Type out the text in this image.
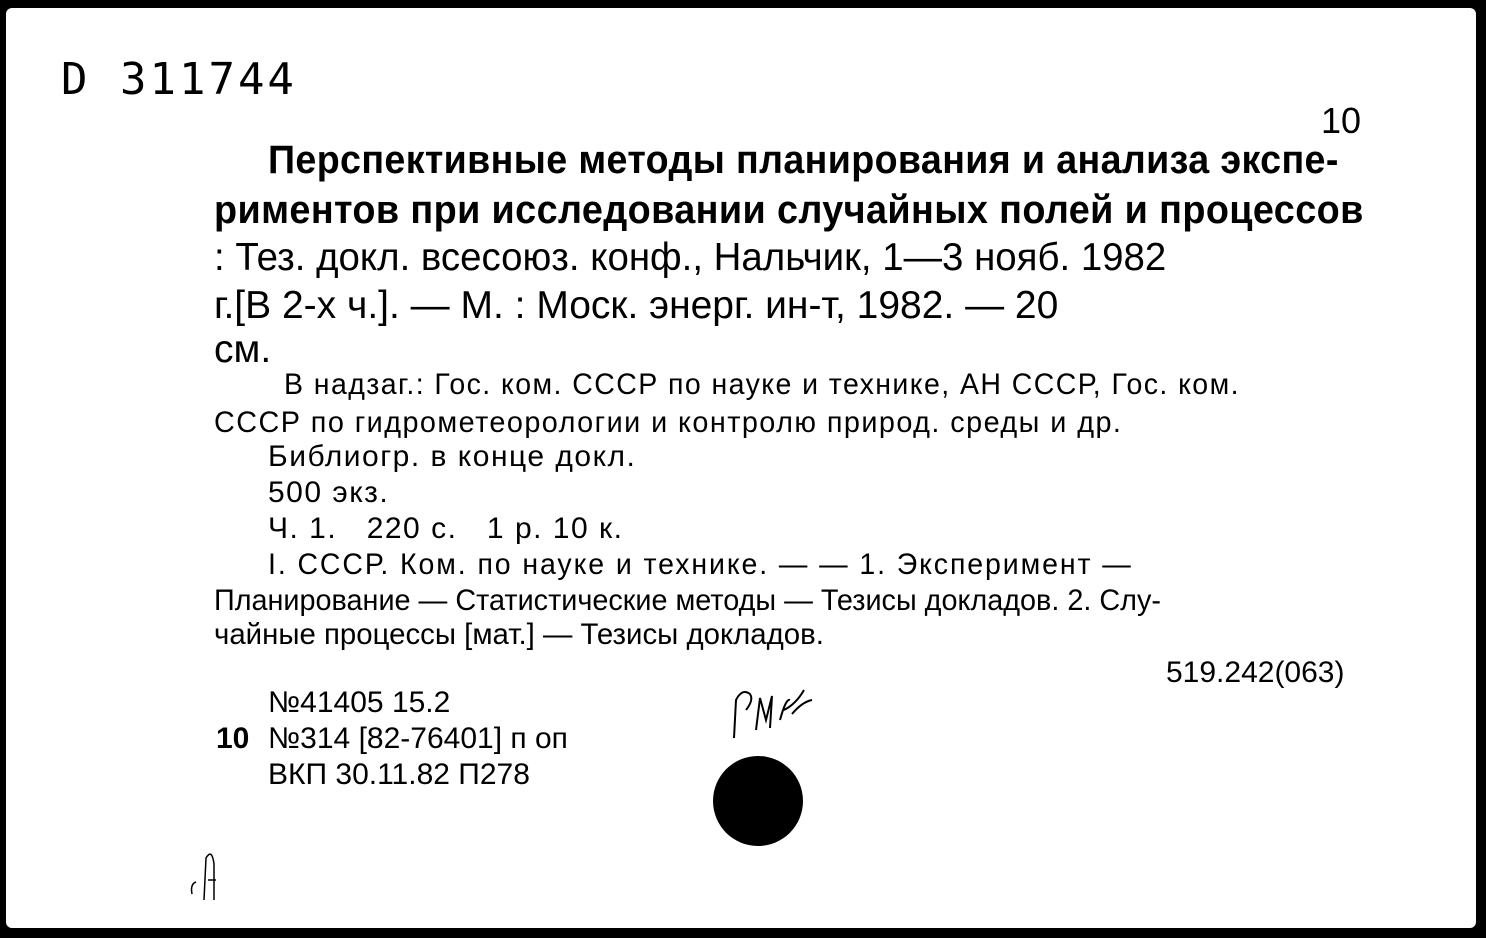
D 311744
10
Перспективные методы планирования и анализа экспе-
риментов при исследовании случайных полей и процессов
: Тез. докл. всесоюз. конф., Нальчик, 1—3 нояб. 1982
г.[В 2-х ч.]. — М. : Моск. энерг. ин-т, 1982. — 20
см.
В надзаг.: Гос. ком. СССР по науке и технике, АН СССР, Гос. ком.
СССР по гидрометеорологии и контролю природ. среды и др.
Библиогр. в конце докл.
500 экз.
Ч. 1.   220 с.   1 р. 10 к.
I. СССР. Ком. по науке и технике. — — 1. Эксперимент —
Планирование — Статистические методы — Тезисы докладов. 2. Слу-
чайные процессы [мат.] — Тезисы докладов.
519.242(063)
№41405 15.2
10 №314 [82-76401] п оп
ВКП 30.11.82 П278
